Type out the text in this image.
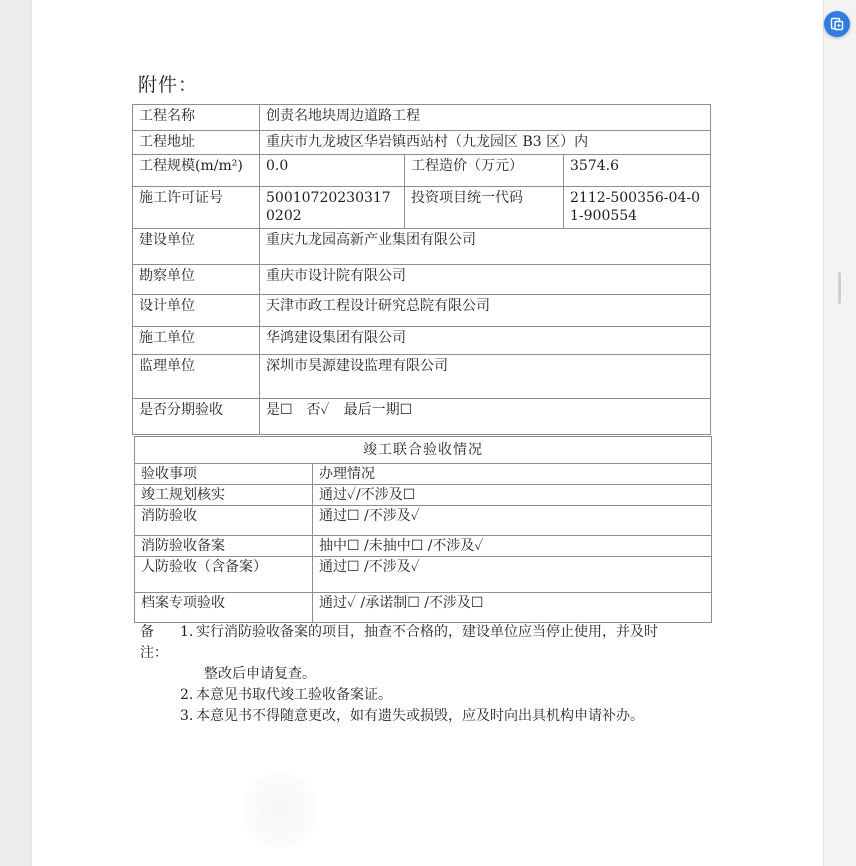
附件：
工程名称	创责名地块周边道路工程		
工程地址	重庆市九龙坡区华岩镇西站村（九龙园区 B3 区）内		
工程规模(m/m²)	0.0	工程造价（万元）	3574.6
施工许可证号	500107202303170202	投资项目统一代码	2112-500356-04-01-900554
建设单位	重庆九龙园高新产业集团有限公司		
勘察单位	重庆市设计院有限公司		
设计单位	天津市政工程设计研究总院有限公司		
施工单位	华鸿建设集团有限公司		
监理单位	深圳市昊源建设监理有限公司		
是否分期验收	是☐　否✓　最后一期☐		
竣工联合验收情况	
验收事项	办理情况
竣工规划核实	通过✓/不涉及☐
消防验收	通过☐ /不涉及✓
消防验收备案	抽中☐ /未抽中☐ /不涉及✓
人防验收（含备案）	通过☐ /不涉及✓
档案专项验收	通过✓ /承诺制☐ /不涉及☐
备注：
1. 实行消防验收备案的项目，抽查不合格的，建设单位应当停止使用，并及时
整改后申请复查。
2. 本意见书取代竣工验收备案证。
3. 本意见书不得随意更改，如有遗失或损毁，应及时向出具机构申请补办。
